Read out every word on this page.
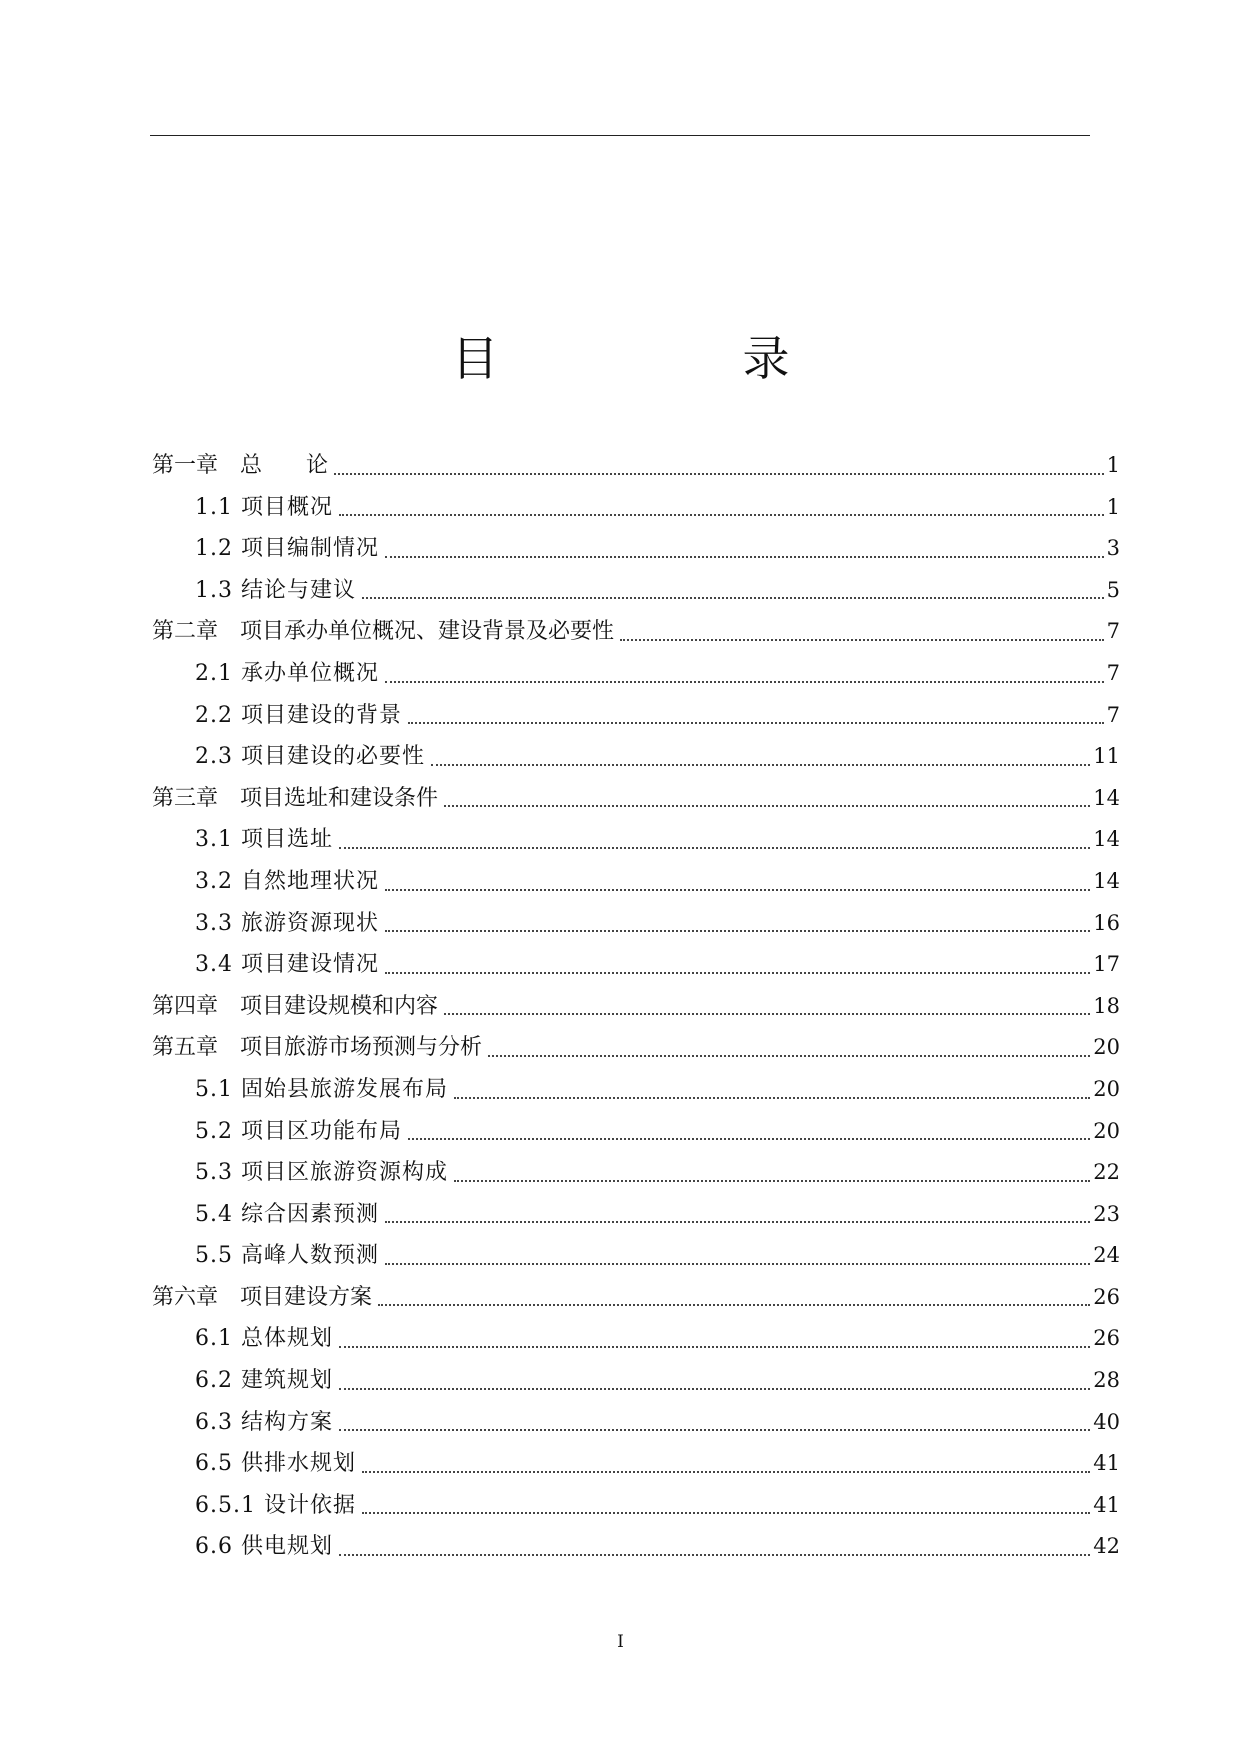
目　　录
第一章　总　　论	1
1.1 项目概况	1
1.2 项目编制情况	3
1.3 结论与建议	5
第二章　项目承办单位概况、建设背景及必要性	7
2.1 承办单位概况	7
2.2 项目建设的背景	7
2.3 项目建设的必要性	11
第三章　项目选址和建设条件	14
3.1 项目选址	14
3.2 自然地理状况	14
3.3 旅游资源现状	16
3.4 项目建设情况	17
第四章　项目建设规模和内容	18
第五章　项目旅游市场预测与分析	20
5.1 固始县旅游发展布局	20
5.2 项目区功能布局	20
5.3 项目区旅游资源构成	22
5.4 综合因素预测	23
5.5 高峰人数预测	24
第六章　项目建设方案	26
6.1 总体规划	26
6.2 建筑规划	28
6.3 结构方案	40
6.5 供排水规划	41
6.5.1 设计依据	41
6.6 供电规划	42
I
